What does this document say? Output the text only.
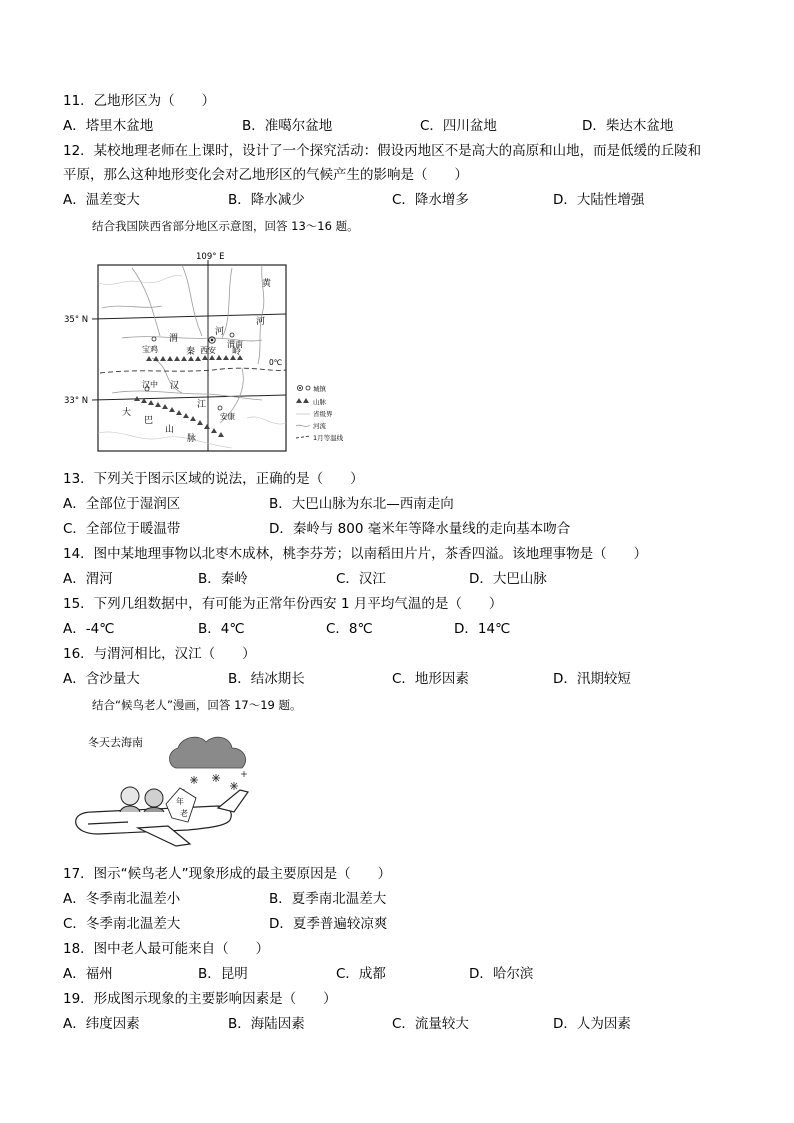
11．乙地形区为（　　）
A．塔里木盆地	B．准噶尔盆地	C．四川盆地	D．柴达木盆地
12．某校地理老师在上课时，设计了一个探究活动：假设丙地区不是高大的高原和山地，而是低缓的丘陵和
平原，那么这种地形变化会对乙地形区的气候产生的影响是（　　）
A．温差变大	B．降水减少	C．降水增多	D．大陆性增强
结合我国陕西省部分地区示意图，回答 13～16 题。
109° E
35° N
33° N
0℃
黄
河
河
渭
宝鸡	西安
渭南
秦	岭
汉中 汉
江
安康
大
巴
山
脉
城镇
山脉
省级界
河流
1月等温线
13．下列关于图示区域的说法，正确的是（　　）
A．全部位于湿润区	B．大巴山脉为东北—西南走向
C．全部位于暖温带	D．秦岭与 800 毫米年等降水量线的走向基本吻合
14．图中某地理事物以北枣木成林，桃李芬芳；以南稻田片片，茶香四溢。该地理事物是（　　）
A．渭河	B．秦岭	C．汉江	D．大巴山脉
15．下列几组数据中，有可能为正常年份西安 1 月平均气温的是（　　）
A．-4℃	B．4℃	C．8℃	D．14℃
16．与渭河相比，汉江（　　）
A．含沙量大	B．结冰期长	C．地形因素	D．汛期较短
结合“候鸟老人”漫画，回答 17～19 题。
冬天去海南
年
老
17．图示“候鸟老人”现象形成的最主要原因是（　　）
A．冬季南北温差小	B．夏季南北温差大
C．冬季南北温差大	D．夏季普遍较凉爽
18．图中老人最可能来自（　　）
A．福州	B．昆明	C．成都	D．哈尔滨
19．形成图示现象的主要影响因素是（　　）
A．纬度因素	B．海陆因素	C．流量较大	D．人为因素
